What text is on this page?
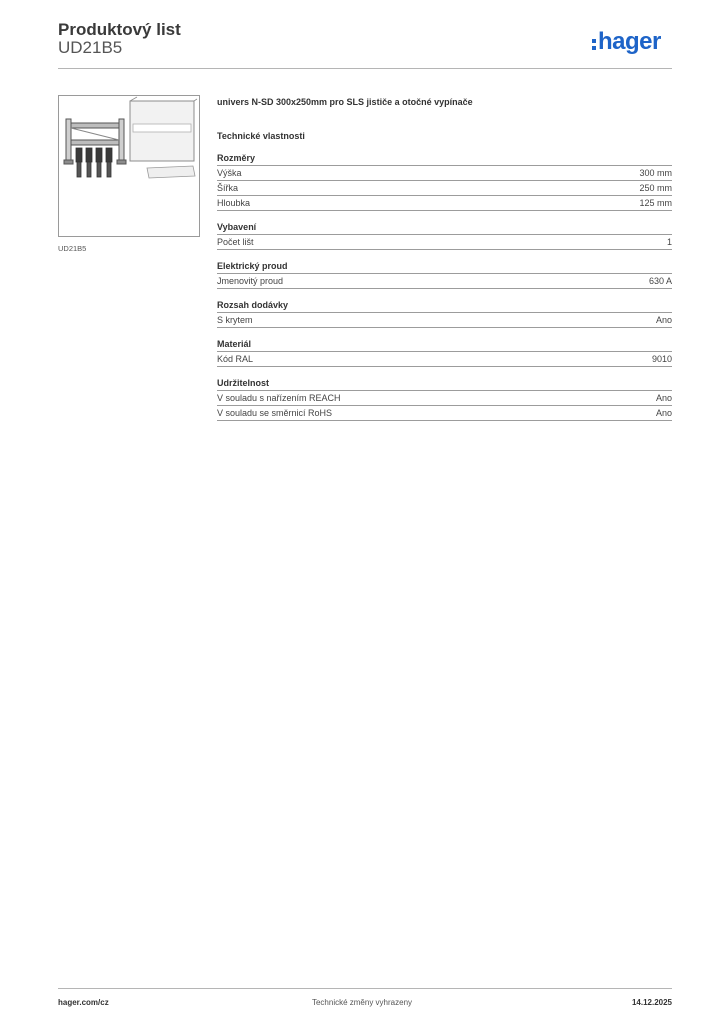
Produktový list
UD21B5	hager
UD21B5
univers N-SD 300x250mm pro SLS jističe a otočné vypínače
Technické vlastnosti
Rozměry
Výška	300 mm
Šířka	250 mm
Hloubka	125 mm
Vybavení
Počet lišt	1
Elektrický proud
Jmenovitý proud	630 A
Rozsah dodávky
S krytem	Ano
Materiál
Kód RAL	9010
Udržitelnost
V souladu s nařízením REACH	Ano
V souladu se směrnicí RoHS	Ano
hager.com/cz	Technické změny vyhrazeny	14.12.2025
